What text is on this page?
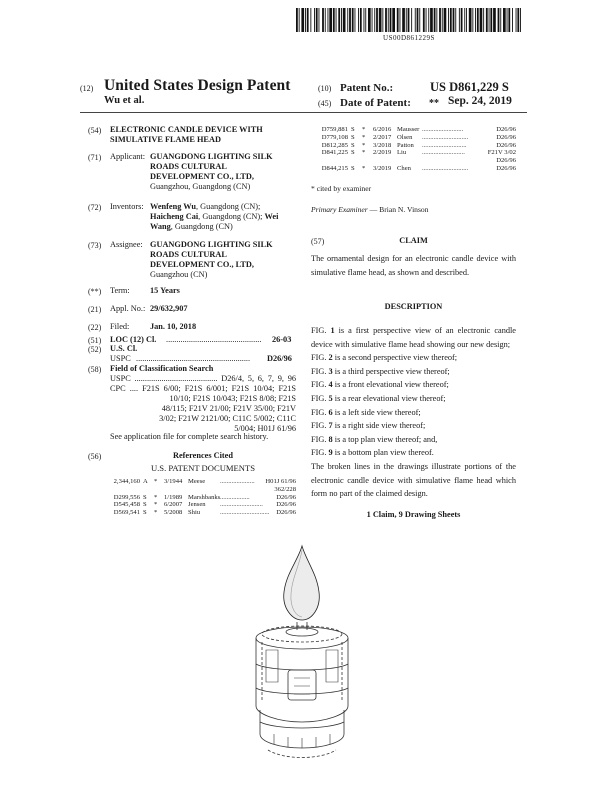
US00D861229S
(12) United States Design Patent
Wu et al.
(10) Patent No.:	US D861,229 S
(45) Date of Patent: ** Sep. 24, 2019
(54) ELECTRONIC CANDLE DEVICE WITH
SIMULATIVE FLAME HEAD
(71) Applicant: GUANGDONG LIGHTING SILK
ROADS CULTURAL
DEVELOPMENT CO., LTD,
Guangzhou, Guangdong (CN)
(72) Inventors: Wenfeng Wu, Guangdong (CN);
Haicheng Cai, Guangdong (CN); Wei
Wang, Guangdong (CN)
(73) Assignee: GUANGDONG LIGHTING SILK
ROADS CULTURAL
DEVELOPMENT CO., LTD,
Guangzhou (CN)
(**) Term: 15 Years
(21) Appl. No.: 29/632,907
(22) Filed: Jan. 10, 2018
(51) LOC (12) Cl. .............................................. 26-03
(52) U.S. Cl.
USPC ....................................................... D26/96
(58) Field of Classification Search
USPC ........................................ D26/4, 5, 6, 7, 9, 96
CPC .... F21S 6/00; F21S 6/001; F21S 10/04; F21S
10/10; F21S 10/043; F21S 8/08; F21S
48/115; F21V 21/00; F21V 35/00; F21V
3/02; F21W 2121/00; C11C 5/002; C11C
5/004; H01J 61/96
See application file for complete search history.
(56)	References Cited
U.S. PATENT DOCUMENTS
2,344,160 A * 3/1944 Meese ..................... H01J 61/96
362/228
D299,556 S * 1/1989 Marshbanks ..................	D26/96
D545,458 S * 6/2007 Jensen .......................... D26/96
D569,541 S * 5/2008 Shiu	.............................. D26/96
D759,881 S * 6/2016 Mausser .........................	D26/96
D779,108 S * 2/2017 Olsen ............................	D26/96
D812,285 S * 3/2018 Patton ...........................	D26/96
D841,225 S * 2/2019 Liu ..........................	F21V 3/02
D26/96
D844,215 S * 3/2019 Chen ............................	D26/96
* cited by examiner
Primary Examiner — Brian N. Vinson
(57)	CLAIM
The ornamental design for an electronic candle device with simulative flame head, as shown and described.
DESCRIPTION

FIG. 1 is a first perspective view of an electronic candle device with simulative flame head showing our new design;

FIG. 2 is a second perspective view thereof;

FIG. 3 is a third perspective view thereof;

FIG. 4 is a front elevational view thereof;

FIG. 5 is a rear elevational view thereof;

FIG. 6 is a left side view thereof;

FIG. 7 is a right side view thereof;

FIG. 8 is a top plan view thereof; and,

FIG. 9 is a bottom plan view thereof.

The broken lines in the drawings illustrate portions of the electronic candle device with simulative flame head which form no part of the claimed design.
1 Claim, 9 Drawing Sheets
